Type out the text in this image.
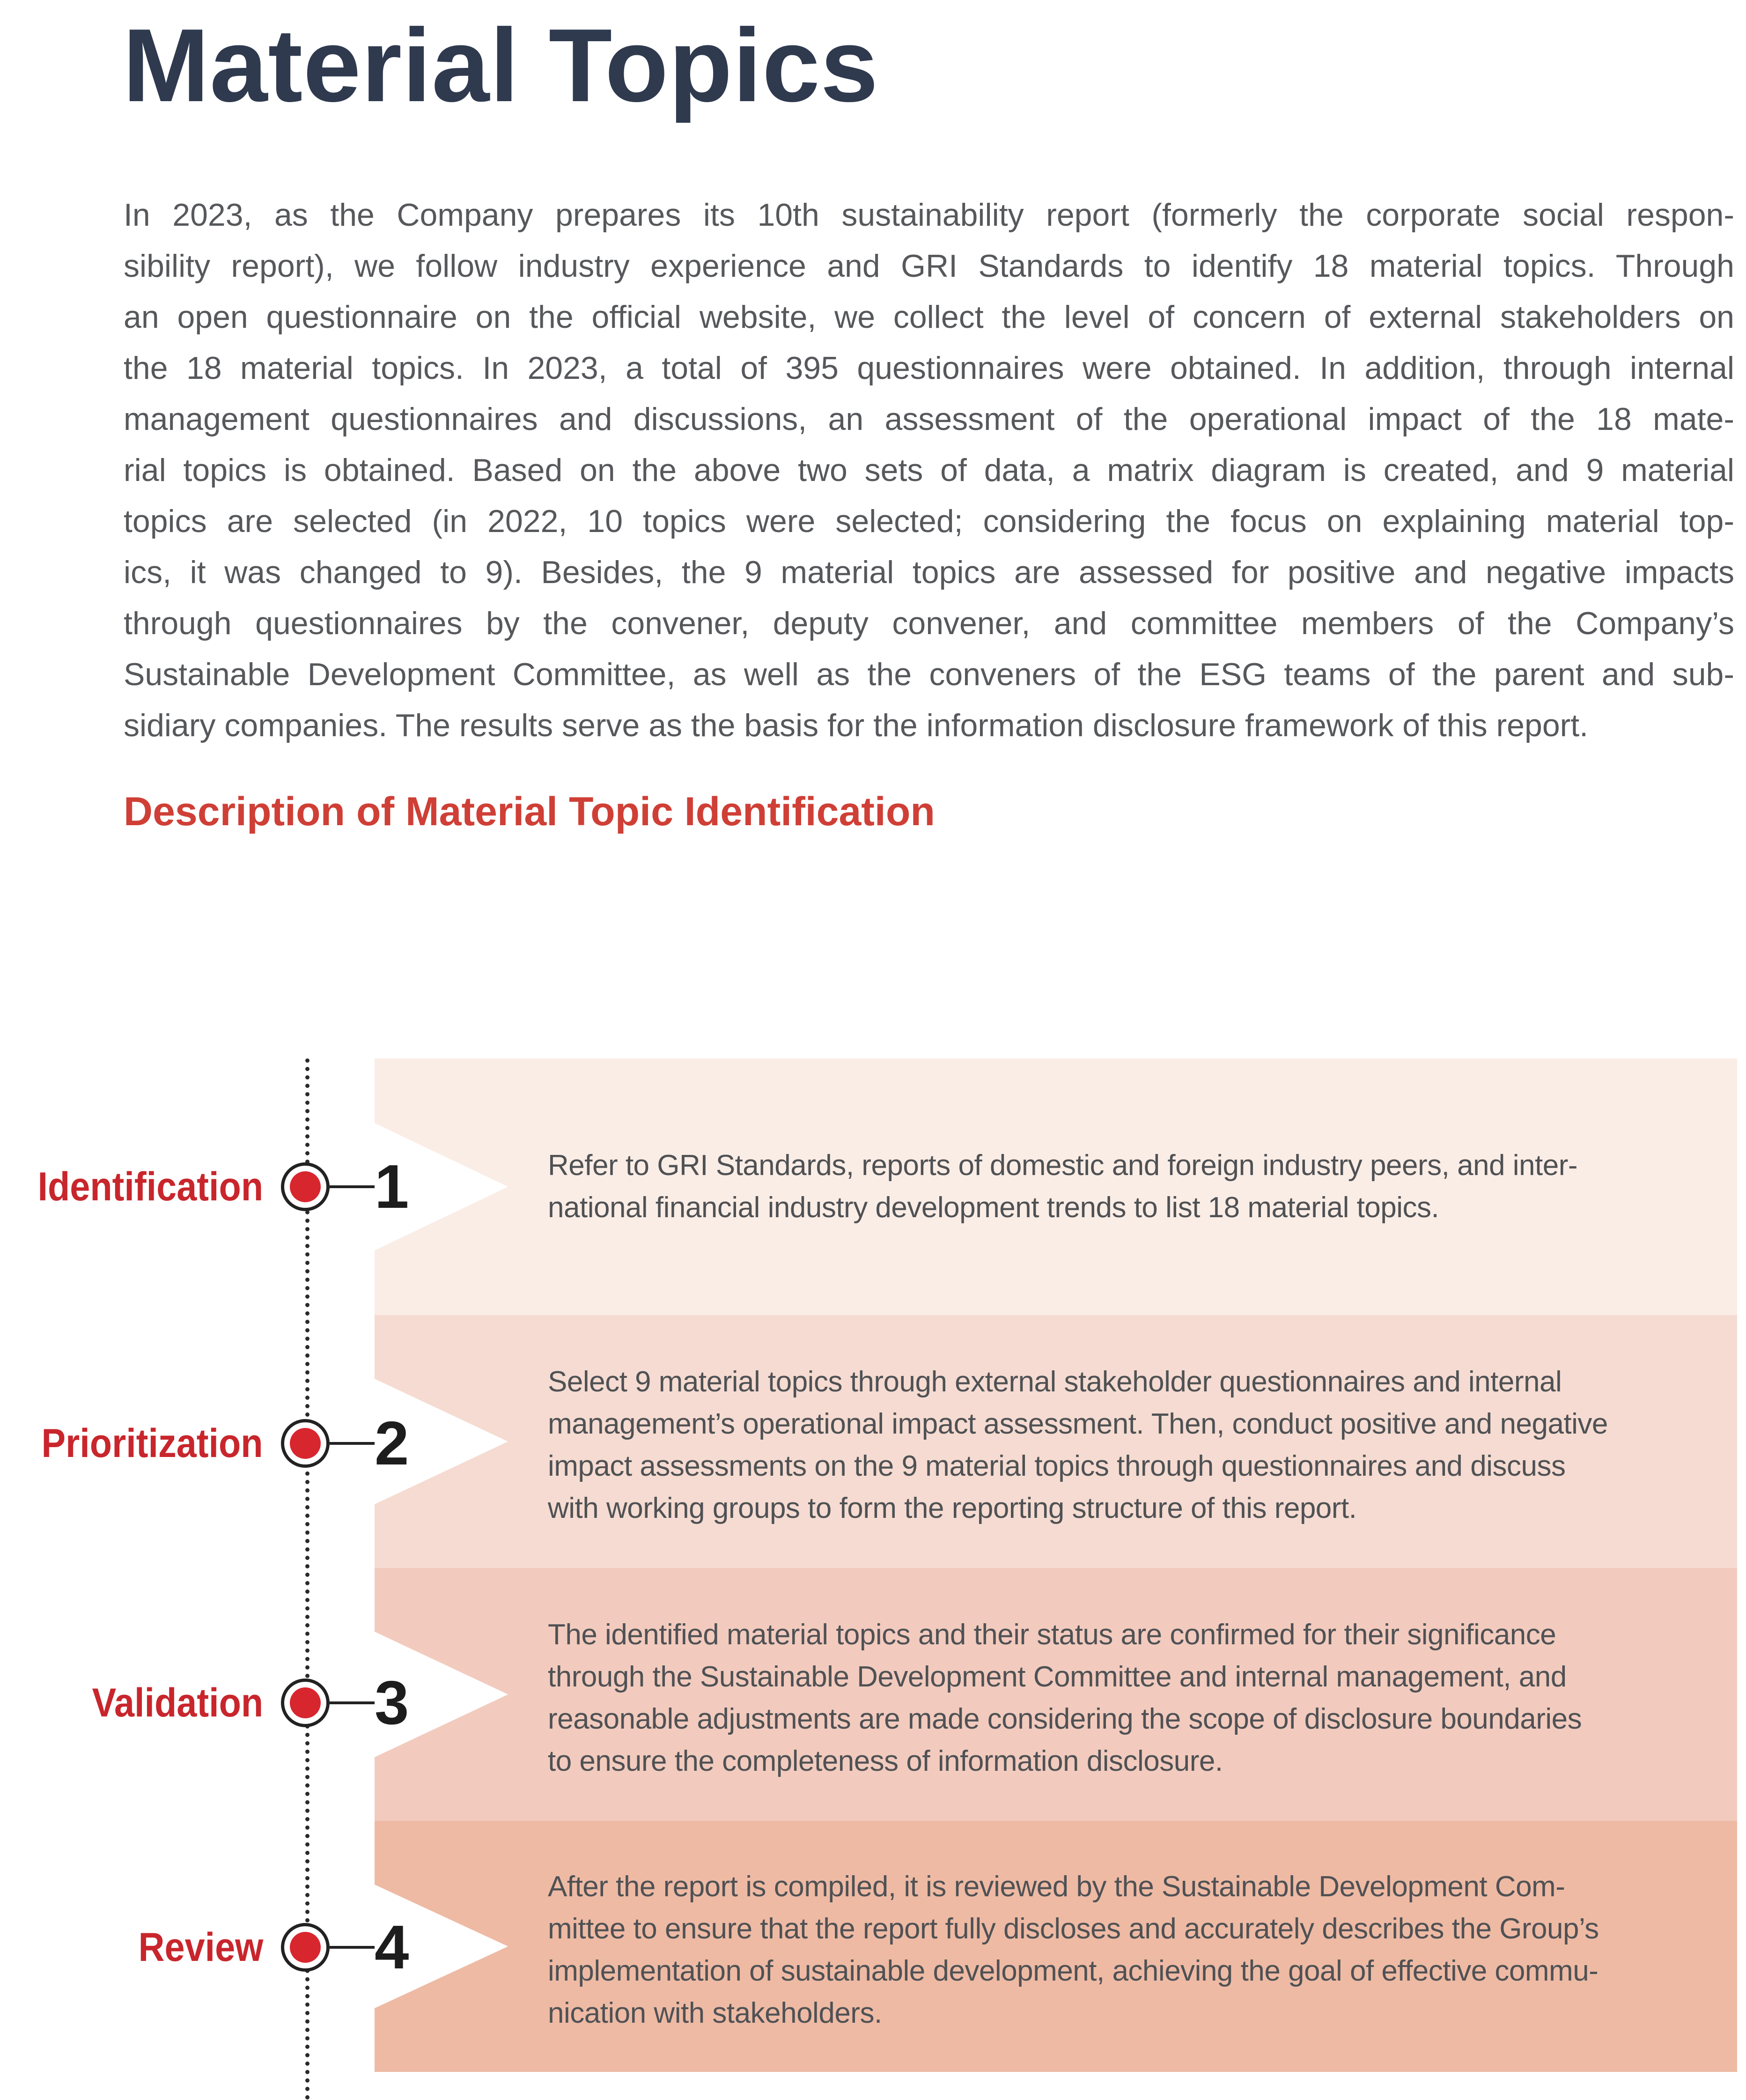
Material Topics
In 2023, as the Company prepares its 10th sustainability report (formerly the corporate social respon-
sibility report), we follow industry experience and GRI Standards to identify 18 material topics. Through
an open questionnaire on the official website, we collect the level of concern of external stakeholders on
the 18 material topics. In 2023, a total of 395 questionnaires were obtained. In addition, through internal
management questionnaires and discussions, an assessment of the operational impact of the 18 mate-
rial topics is obtained. Based on the above two sets of data, a matrix diagram is created, and 9 material
topics are selected (in 2022, 10 topics were selected; considering the focus on explaining material top-
ics, it was changed to 9). Besides, the 9 material topics are assessed for positive and negative impacts
through questionnaires by the convener, deputy convener, and committee members of the Company’s
Sustainable Development Committee, as well as the conveners of the ESG teams of the parent and sub-
sidiary companies. The results serve as the basis for the information disclosure framework of this report.
Description of Material Topic Identification
Refer to GRI Standards, reports of domestic and foreign industry peers, and inter-
national financial industry development trends to list 18 material topics.
Identification 1
Select 9 material topics through external stakeholder questionnaires and internal
management’s operational impact assessment. Then, conduct positive and negative
impact assessments on the 9 material topics through questionnaires and discuss
with working groups to form the reporting structure of this report.
Prioritization 2
The identified material topics and their status are confirmed for their significance
through the Sustainable Development Committee and internal management, and
reasonable adjustments are made considering the scope of disclosure boundaries
to ensure the completeness of information disclosure.
Validation 3
After the report is compiled, it is reviewed by the Sustainable Development Com-
mittee to ensure that the report fully discloses and accurately describes the Group’s
implementation of sustainable development, achieving the goal of effective commu-
nication with stakeholders.
Review 4
